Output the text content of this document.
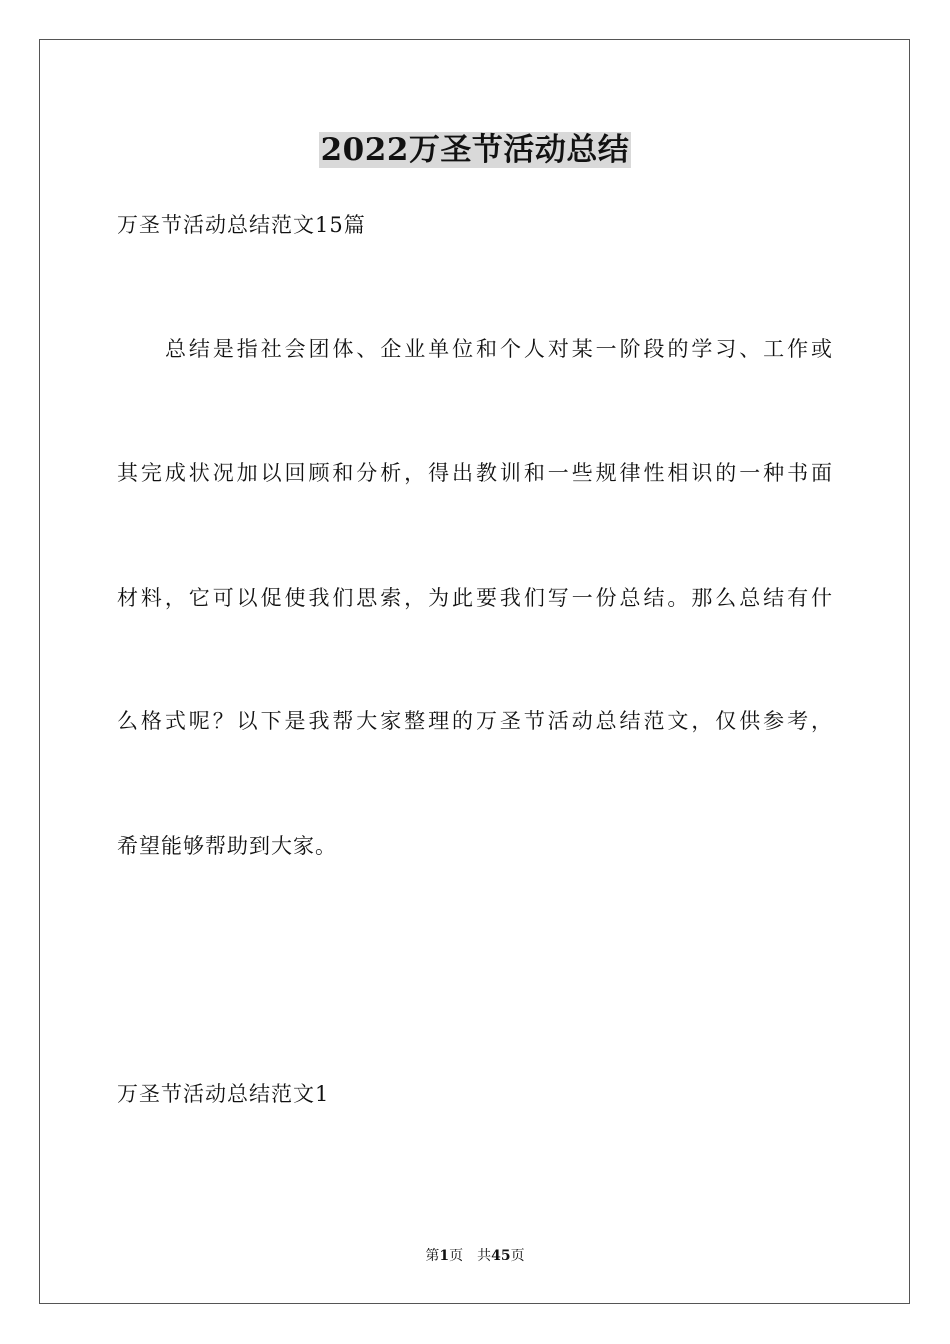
2022万圣节活动总结
万圣节活动总结范文15篇
总结是指社会团体、企业单位和个人对某一阶段的学习、工作或
其完成状况加以回顾和分析，得出教训和一些规律性相识的一种书面
材料，它可以促使我们思索，为此要我们写一份总结。那么总结有什
么格式呢？以下是我帮大家整理的万圣节活动总结范文，仅供参考，
希望能够帮助到大家。
万圣节活动总结范文1
第1页 共45页
